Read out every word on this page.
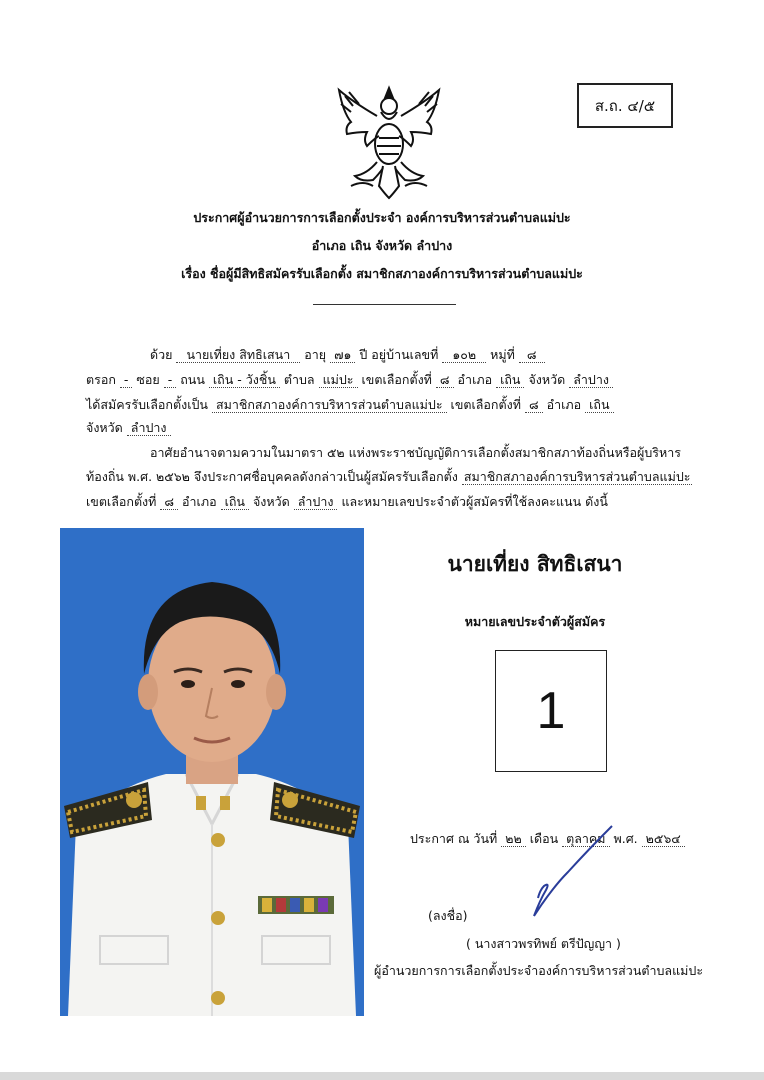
ส.ถ. ๔/๕
ประกาศผู้อำนวยการการเลือกตั้งประจำ องค์การบริหารส่วนตำบลแม่ปะ
อำเภอ เถิน จังหวัด ลำปาง
เรื่อง ชื่อผู้มีสิทธิสมัครรับเลือกตั้ง สมาชิกสภาองค์การบริหารส่วนตำบลแม่ปะ
ด้วย นายเที่ยง สิทธิเสนา อายุ ๗๑ ปี อยู่บ้านเลขที่ ๑๐๒ หมู่ที่ ๘
ตรอก - ซอย - ถนน เถิน - วังชิ้น ตำบล แม่ปะ เขตเลือกตั้งที่ ๘ อำเภอ เถิน จังหวัด ลำปาง
ได้สมัครรับเลือกตั้งเป็น สมาชิกสภาองค์การบริหารส่วนตำบลแม่ปะ เขตเลือกตั้งที่ ๘ อำเภอ เถิน
จังหวัด ลำปาง
อาศัยอำนาจตามความในมาตรา ๕๒ แห่งพระราชบัญญัติการเลือกตั้งสมาชิกสภาท้องถิ่นหรือผู้บริหาร
ท้องถิ่น พ.ศ. ๒๕๖๒ จึงประกาศชื่อบุคคลดังกล่าวเป็นผู้สมัครรับเลือกตั้ง สมาชิกสภาองค์การบริหารส่วนตำบลแม่ปะ
เขตเลือกตั้งที่ ๘ อำเภอ เถิน จังหวัด ลำปาง และหมายเลขประจำตัวผู้สมัครที่ใช้ลงคะแนน ดังนี้
นายเที่ยง สิทธิเสนา
หมายเลขประจำตัวผู้สมัคร
1
ประกาศ ณ วันที่ ๒๒ เดือน ตุลาคม พ.ศ. ๒๕๖๔
(ลงชื่อ)
( นางสาวพรทิพย์ ตรีปัญญา )
ผู้อำนวยการการเลือกตั้งประจำองค์การบริหารส่วนตำบลแม่ปะ
